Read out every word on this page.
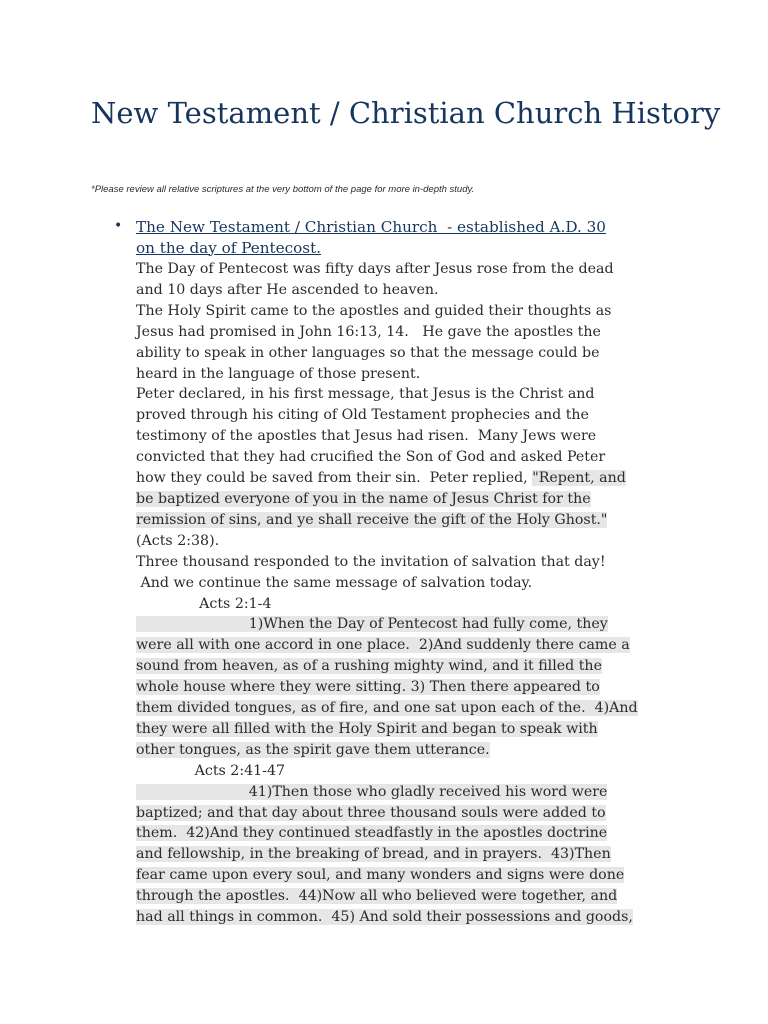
New Testament / Christian Church History
*Please review all relative scriptures at the very bottom of the page for more in-depth study.
• The New Testament / Christian Church  - established A.D. 30
on the day of Pentecost.
The Day of Pentecost was fifty days after Jesus rose from the dead
and 10 days after He ascended to heaven.
The Holy Spirit came to the apostles and guided their thoughts as
Jesus had promised in John 16:13, 14.   He gave the apostles the
ability to speak in other languages so that the message could be
heard in the language of those present.
Peter declared, in his first message, that Jesus is the Christ and
proved through his citing of Old Testament prophecies and the
testimony of the apostles that Jesus had risen.  Many Jews were
convicted that they had crucified the Son of God and asked Peter
how they could be saved from their sin.  Peter replied, "Repent, and
be baptized everyone of you in the name of Jesus Christ for the
remission of sins, and ye shall receive the gift of the Holy Ghost."
(Acts 2:38).
Three thousand responded to the invitation of salvation that day!
And we continue the same message of salvation today.
Acts 2:1-4
1)When the Day of Pentecost had fully come, they
were all with one accord in one place.  2)And suddenly there came a
sound from heaven, as of a rushing mighty wind, and it filled the
whole house where they were sitting. 3) Then there appeared to
them divided tongues, as of fire, and one sat upon each of the.  4)And
they were all filled with the Holy Spirit and began to speak with
other tongues, as the spirit gave them utterance.
Acts 2:41-47
41)Then those who gladly received his word were
baptized; and that day about three thousand souls were added to
them.  42)And they continued steadfastly in the apostles doctrine
and fellowship, in the breaking of bread, and in prayers.  43)Then
fear came upon every soul, and many wonders and signs were done
through the apostles.  44)Now all who believed were together, and
had all things in common.  45) And sold their possessions and goods,
